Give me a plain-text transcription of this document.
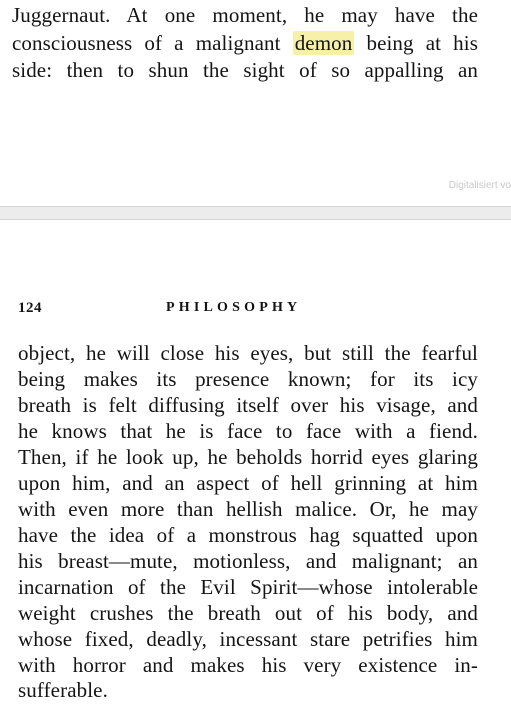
Juggernaut. At one moment, he may have the
consciousness of a malignant demon being at his
side: then to shun the sight of so appalling an
Digitalisiert vo
124	PHILOSOPHY
object, he will close his eyes, but still the fearful
being makes its presence known; for its icy
breath is felt diffusing itself over his visage, and
he knows that he is face to face with a fiend.
Then, if he look up, he beholds horrid eyes glaring
upon him, and an aspect of hell grinning at him
with even more than hellish malice. Or, he may
have the idea of a monstrous hag squatted upon
his breast—mute, motionless, and malignant; an
incarnation of the Evil Spirit—whose intolerable
weight crushes the breath out of his body, and
whose fixed, deadly, incessant stare petrifies him
with horror and makes his very existence in-
sufferable.
